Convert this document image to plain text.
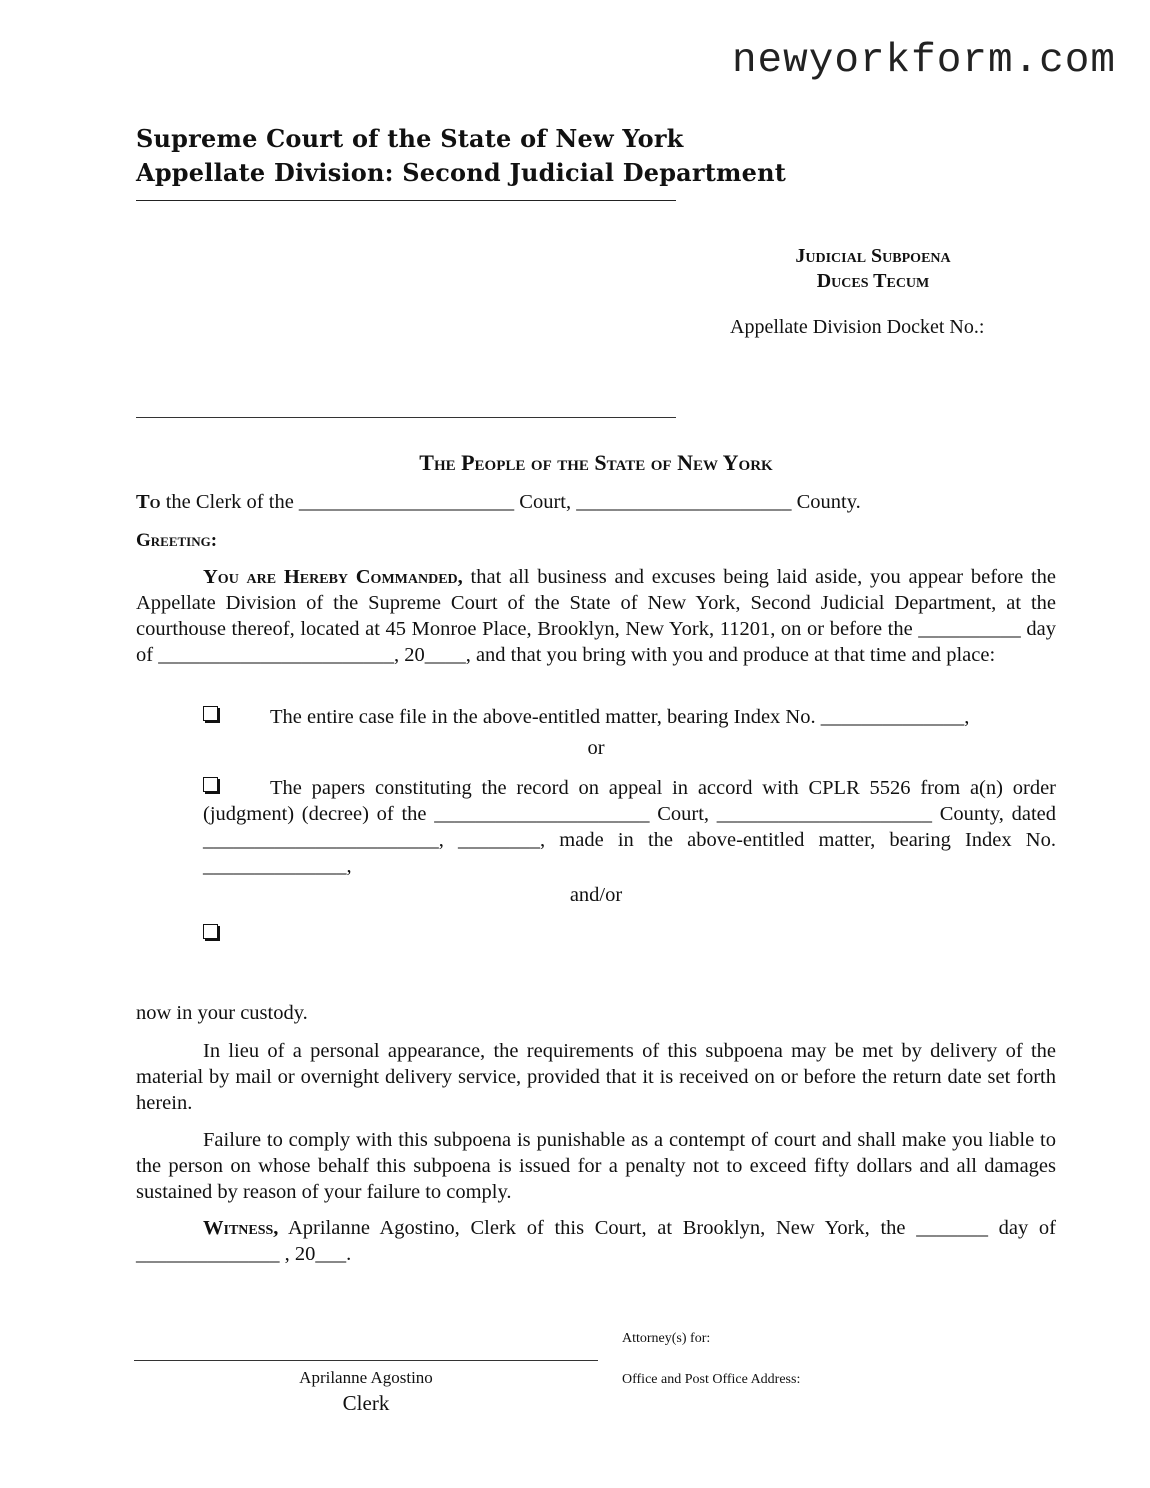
newyorkform.com
Supreme Court of the State of New York
Appellate Division: Second Judicial Department
Judicial Subpoena
Duces Tecum
Appellate Division Docket No.:
The People of the State of New York
To the Clerk of the _____________________ Court, _____________________ County.
Greeting:
You are Hereby Commanded, that all business and excuses being laid aside, you appear before the Appellate Division of the Supreme Court of the State of New York, Second Judicial Department, at the courthouse thereof, located at 45 Monroe Place, Brooklyn, New York, 11201, on or before the __________ day of _______________________, 20____, and that you bring with you and produce at that time and place:
The entire case file in the above-entitled matter, bearing Index No. ______________,
or
The papers constituting the record on appeal in accord with CPLR 5526 from a(n) order (judgment) (decree) of the _____________________ Court, _____________________ County, dated _______________________, ________, made in the above-entitled matter, bearing Index No. ______________,
and/or
now in your custody.
In lieu of a personal appearance, the requirements of this subpoena may be met by delivery of the material by mail or overnight delivery service, provided that it is received on or before the return date set forth herein.
Failure to comply with this subpoena is punishable as a contempt of court and shall make you liable to the person on whose behalf this subpoena is issued for a penalty not to exceed fifty dollars and all damages sustained by reason of your failure to comply.
Witness, Aprilanne Agostino, Clerk of this Court, at Brooklyn, New York, the _______ day of ______________ , 20___.
Attorney(s) for:
Office and Post Office Address:
Aprilanne Agostino
Clerk
